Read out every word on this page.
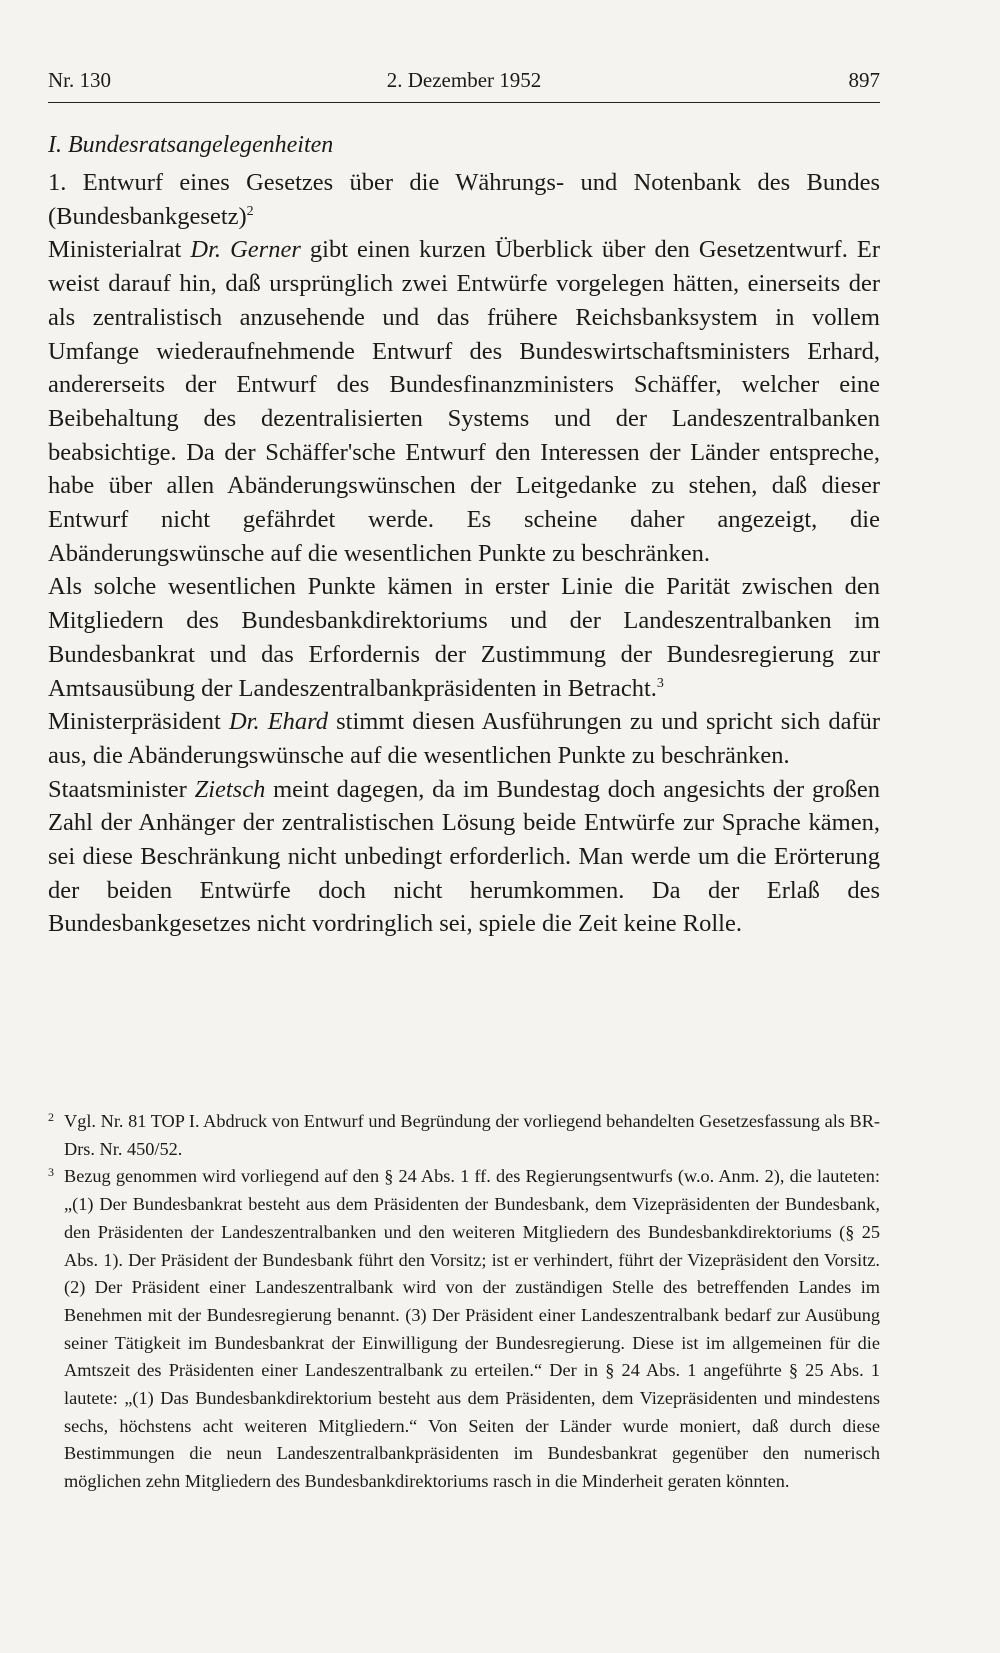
Nr. 130	2. Dezember 1952	897
I. Bundesratsangelegenheiten

1. Entwurf eines Gesetzes über die Währungs- und Notenbank des Bundes (Bundesbankgesetz)$^2$

Ministerialrat Dr. Gerner gibt einen kurzen Überblick über den Gesetzentwurf. Er weist darauf hin, daß ursprünglich zwei Entwürfe vorgelegen hätten, einerseits der als zentralistisch anzusehende und das frühere Reichsbanksystem in vollem Umfange wiederaufnehmende Entwurf des Bundeswirtschaftsministers Erhard, andererseits der Entwurf des Bundesfinanzministers Schäffer, welcher eine Beibehaltung des dezentralisierten Systems und der Landeszentralbanken beabsichtige. Da der Schäffer'sche Entwurf den Interessen der Länder entspreche, habe über allen Abänderungswünschen der Leitgedanke zu stehen, daß dieser Entwurf nicht gefährdet werde. Es scheine daher angezeigt, die Abänderungswünsche auf die wesentlichen Punkte zu beschränken.

Als solche wesentlichen Punkte kämen in erster Linie die Parität zwischen den Mitgliedern des Bundesbankdirektoriums und der Landeszentralbanken im Bundesbankrat und das Erfordernis der Zustimmung der Bundesregierung zur Amtsausübung der Landeszentralbankpräsidenten in Betracht.$^3$

Ministerpräsident Dr. Ehard stimmt diesen Ausführungen zu und spricht sich dafür aus, die Abänderungswünsche auf die wesentlichen Punkte zu beschränken.

Staatsminister Zietsch meint dagegen, da im Bundestag doch angesichts der großen Zahl der Anhänger der zentralistischen Lösung beide Entwürfe zur Sprache kämen, sei diese Beschränkung nicht unbedingt erforderlich. Man werde um die Erörterung der beiden Entwürfe doch nicht herumkommen. Da der Erlaß des Bundesbankgesetzes nicht vordringlich sei, spiele die Zeit keine Rolle.

2 Vgl. Nr. 81 TOP I. Abdruck von Entwurf und Begründung der vorliegend behandelten Gesetzesfassung als BR-Drs. Nr. 450/52.

3 Bezug genommen wird vorliegend auf den § 24 Abs. 1 ff. des Regierungsentwurfs (w.o. Anm. 2), die lauteten: „(1) Der Bundesbankrat besteht aus dem Präsidenten der Bundesbank, dem Vizepräsidenten der Bundesbank, den Präsidenten der Landeszentralbanken und den weiteren Mitgliedern des Bundesbankdirektoriums (§ 25 Abs. 1). Der Präsident der Bundesbank führt den Vorsitz; ist er verhindert, führt der Vizepräsident den Vorsitz. (2) Der Präsident einer Landeszentralbank wird von der zuständigen Stelle des betreffenden Landes im Benehmen mit der Bundesregierung benannt. (3) Der Präsident einer Landeszentralbank bedarf zur Ausübung seiner Tätigkeit im Bundesbankrat der Einwilligung der Bundesregierung. Diese ist im allgemeinen für die Amtszeit des Präsidenten einer Landeszentralbank zu erteilen.“ Der in § 24 Abs. 1 angeführte § 25 Abs. 1 lautete: „(1) Das Bundesbankdirektorium besteht aus dem Präsidenten, dem Vizepräsidenten und mindestens sechs, höchstens acht weiteren Mitgliedern.“ Von Seiten der Länder wurde moniert, daß durch diese Bestimmungen die neun Landeszentralbankpräsidenten im Bundesbankrat gegenüber den numerisch möglichen zehn Mitgliedern des Bundesbankdirektoriums rasch in die Minderheit geraten könnten.
